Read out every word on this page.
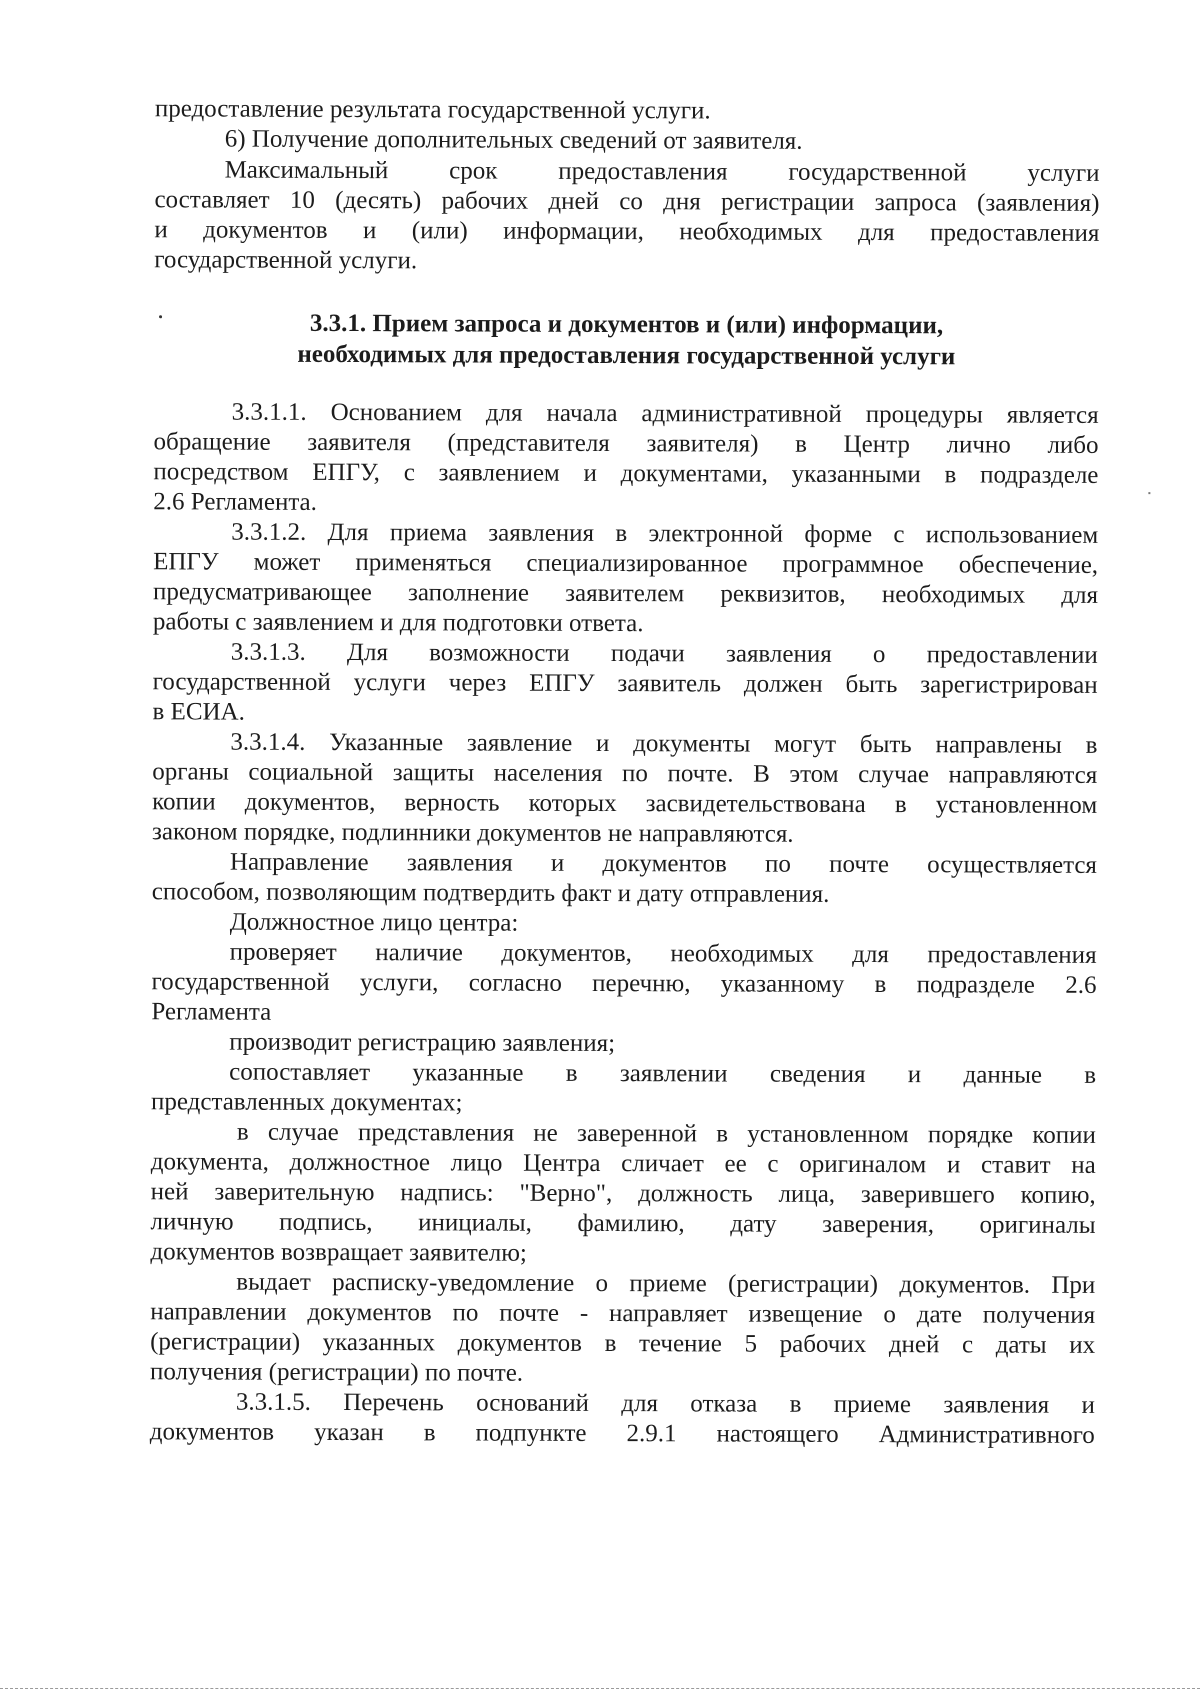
предоставление результата государственной услуги.
6) Получение дополнительных сведений от заявителя.
Максимальный срок предоставления государственной услуги
составляет 10 (десять) рабочих дней со дня регистрации запроса (заявления)
и документов и (или) информации, необходимых для предоставления
государственной услуги.
3.3.1. Прием запроса и документов и (или) информации,
необходимых для предоставления государственной услуги
3.3.1.1. Основанием для начала административной процедуры является
обращение заявителя (представителя заявителя) в Центр лично либо
посредством ЕПГУ, с заявлением и документами, указанными в подразделе
2.6 Регламента.
3.3.1.2. Для приема заявления в электронной форме с использованием
ЕПГУ может применяться специализированное программное обеспечение,
предусматривающее заполнение заявителем реквизитов, необходимых для
работы с заявлением и для подготовки ответа.
3.3.1.3. Для возможности подачи заявления о предоставлении
государственной услуги через ЕПГУ заявитель должен быть зарегистрирован
в ЕСИА.
3.3.1.4. Указанные заявление и документы могут быть направлены в
органы социальной защиты населения по почте. В этом случае направляются
копии документов, верность которых засвидетельствована в установленном
законом порядке, подлинники документов не направляются.
Направление заявления и документов по почте осуществляется
способом, позволяющим подтвердить факт и дату отправления.
Должностное лицо центра:
проверяет наличие документов, необходимых для предоставления
государственной услуги, согласно перечню, указанному в подразделе 2.6
Регламента
производит регистрацию заявления;
сопоставляет указанные в заявлении сведения и данные в
представленных документах;
в случае представления не заверенной в установленном порядке копии
документа, должностное лицо Центра сличает ее с оригиналом и ставит на
ней заверительную надпись: "Верно", должность лица, заверившего копию,
личную подпись, инициалы, фамилию, дату заверения, оригиналы
документов возвращает заявителю;
выдает расписку-уведомление о приеме (регистрации) документов. При
направлении документов по почте - направляет извещение о дате получения
(регистрации) указанных документов в течение 5 рабочих дней с даты их
получения (регистрации) по почте.
3.3.1.5. Перечень оснований для отказа в приеме заявления и
документов указан в подпункте 2.9.1 настоящего Административного
